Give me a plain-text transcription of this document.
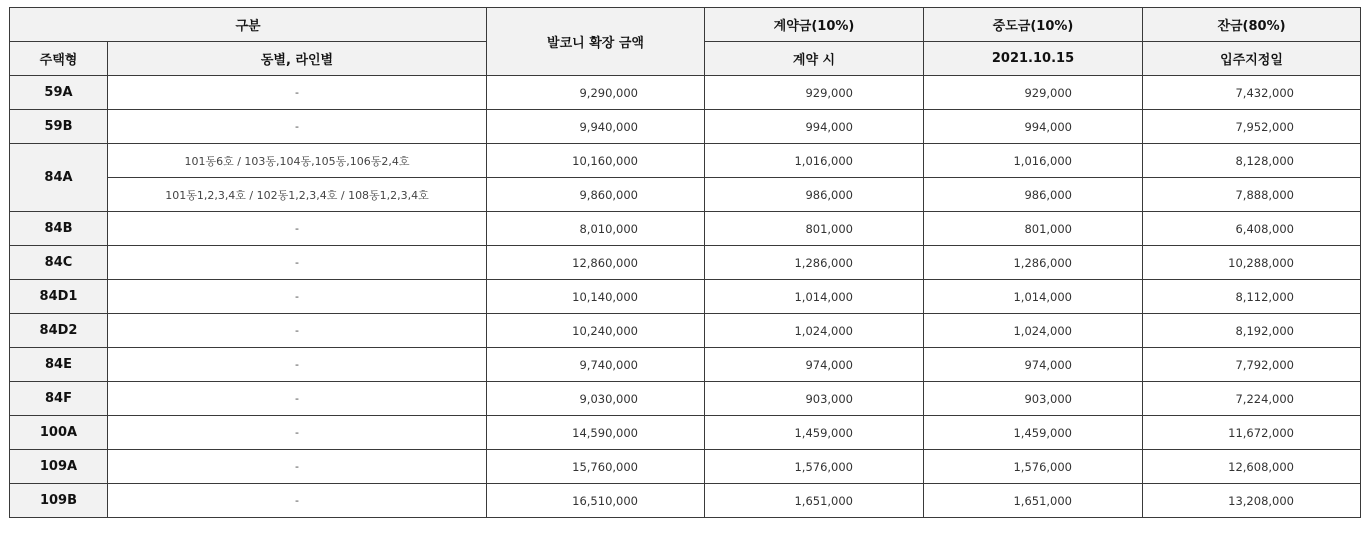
구분		발코니 확장 금액	계약금(10%)	중도금(10%)	잔금(80%)
주택형	동별, 라인별		계약 시	2021.10.15	입주지정일
59A	-	9,290,000	929,000	929,000	7,432,000
59B	-	9,940,000	994,000	994,000	7,952,000
84A	101동6호 / 103동,104동,105동,106동2,4호	10,160,000	1,016,000	1,016,000	8,128,000
	101동1,2,3,4호 / 102동1,2,3,4호 / 108동1,2,3,4호	9,860,000	986,000	986,000	7,888,000
84B	-	8,010,000	801,000	801,000	6,408,000
84C	-	12,860,000	1,286,000	1,286,000	10,288,000
84D1	-	10,140,000	1,014,000	1,014,000	8,112,000
84D2	-	10,240,000	1,024,000	1,024,000	8,192,000
84E	-	9,740,000	974,000	974,000	7,792,000
84F	-	9,030,000	903,000	903,000	7,224,000
100A	-	14,590,000	1,459,000	1,459,000	11,672,000
109A	-	15,760,000	1,576,000	1,576,000	12,608,000
109B	-	16,510,000	1,651,000	1,651,000	13,208,000
